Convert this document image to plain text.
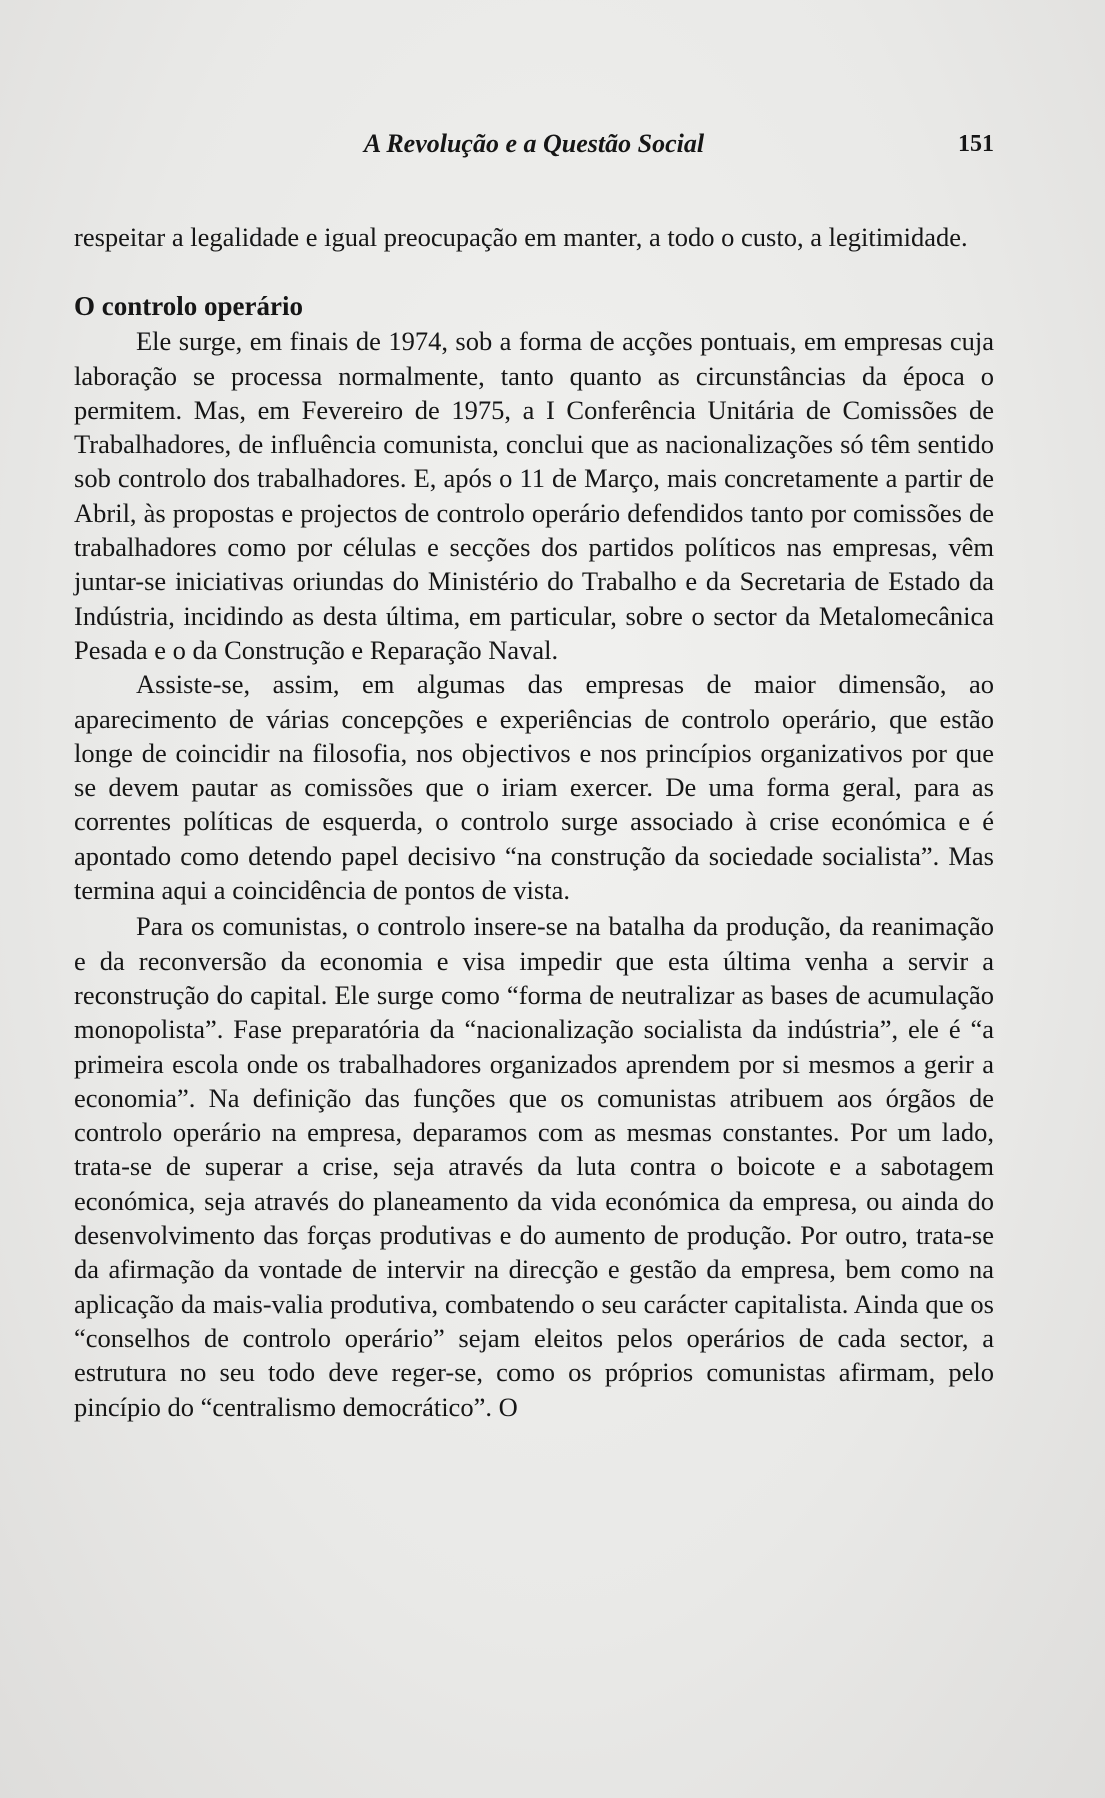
A Revolução e a Questão Social	151

respeitar a legalidade e igual preocupação em manter, a todo o custo, a legitimidade.

O controlo operário

Ele surge, em finais de 1974, sob a forma de acções pontuais, em empresas cuja laboração se processa normalmente, tanto quanto as circunstâncias da época o permitem. Mas, em Fevereiro de 1975, a I Conferência Unitária de Comissões de Trabalhadores, de influência comunista, conclui que as nacionalizações só têm sentido sob controlo dos trabalhadores. E, após o 11 de Março, mais concretamente a partir de Abril, às propostas e projectos de controlo operário defendidos tanto por comissões de trabalhadores como por células e secções dos partidos políticos nas empresas, vêm juntar-se iniciativas oriundas do Ministério do Trabalho e da Secretaria de Estado da Indústria, incidindo as desta última, em particular, sobre o sector da Metalomecânica Pesada e o da Construção e Reparação Naval.

Assiste-se, assim, em algumas das empresas de maior dimensão, ao aparecimento de várias concepções e experiências de controlo operário, que estão longe de coincidir na filosofia, nos objectivos e nos princípios organizativos por que se devem pautar as comissões que o iriam exercer. De uma forma geral, para as correntes políticas de esquerda, o controlo surge associado à crise económica e é apontado como detendo papel decisivo “na construção da sociedade socialista”. Mas termina aqui a coincidência de pontos de vista.

Para os comunistas, o controlo insere-se na batalha da produção, da reanimação e da reconversão da economia e visa impedir que esta última venha a servir a reconstrução do capital. Ele surge como “forma de neutralizar as bases de acumulação monopolista”. Fase preparatória da “nacionalização socialista da indústria”, ele é “a primeira escola onde os trabalhadores organizados aprendem por si mesmos a gerir a economia”. Na definição das funções que os comunistas atribuem aos órgãos de controlo operário na empresa, deparamos com as mesmas constantes. Por um lado, trata-se de superar a crise, seja através da luta contra o boicote e a sabotagem económica, seja através do planeamento da vida económica da empresa, ou ainda do desenvolvimento das forças produtivas e do aumento de produção. Por outro, trata-se da afirmação da vontade de intervir na direcção e gestão da empresa, bem como na aplicação da mais-valia produtiva, combatendo o seu carácter capitalista. Ainda que os “conselhos de controlo operário” sejam eleitos pelos operários de cada sector, a estrutura no seu todo deve reger-se, como os próprios comunistas afirmam, pelo pincípio do “centralismo democrático”. O
